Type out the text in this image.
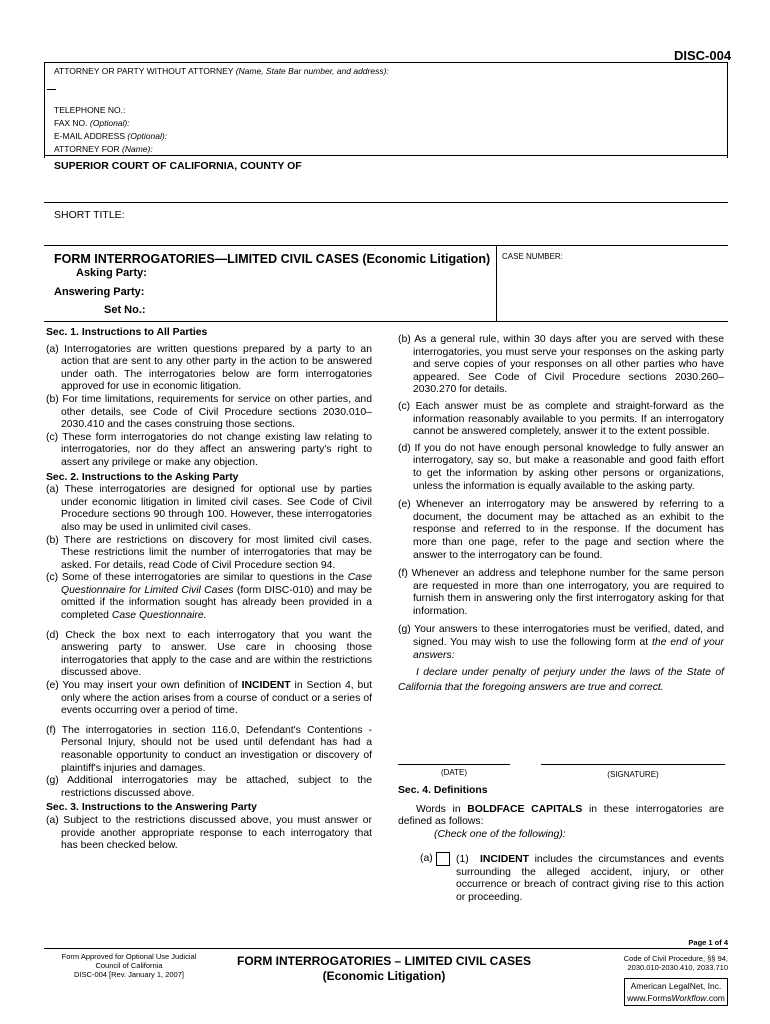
DISC-004
ATTORNEY OR PARTY WITHOUT ATTORNEY (Name, State Bar number, and address):
TELEPHONE NO.:
FAX NO. (Optional):
E-MAIL ADDRESS (Optional):
ATTORNEY FOR (Name):
SUPERIOR COURT OF CALIFORNIA, COUNTY OF
SHORT TITLE:
CASE NUMBER:
FORM INTERROGATORIES—LIMITED CIVIL CASES (Economic Litigation)
Asking Party:
Answering Party:
Set No.:

Sec. 1. Instructions to All Parties

(a) Interrogatories are written questions prepared by a party to an action that are sent to any other party in the action to be answered under oath. The interrogatories below are form interrogatories approved for use in economic litigation.

(b) For time limitations, requirements for service on other parties, and other details, see Code of Civil Procedure sections 2030.010–2030.410 and the cases construing those sections.

(c) These form interrogatories do not change existing law relating to interrogatories, nor do they affect an answering party's right to assert any privilege or make any objection.

Sec. 2. Instructions to the Asking Party

(a) These interrogatories are designed for optional use by parties under economic litigation in limited civil cases. See Code of Civil Procedure sections 90 through 100. However, these interrogatories also may be used in unlimited civil cases.

(b) There are restrictions on discovery for most limited civil cases. These restrictions limit the number of interrogatories that may be asked. For details, read Code of Civil Procedure section 94.

(c) Some of these interrogatories are similar to questions in the Case Questionnaire for Limited Civil Cases (form DISC-010) and may be omitted if the information sought has already been provided in a completed Case Questionnaire.

(d) Check the box next to each interrogatory that you want the answering party to answer. Use care in choosing those interrogatories that apply to the case and are within the restrictions discussed above.

(e) You may insert your own definition of INCIDENT in Section 4, but only where the action arises from a course of conduct or a series of events occurring over a period of time.

(f) The interrogatories in section 116.0, Defendant's Contentions - Personal Injury, should not be used until defendant has had a reasonable opportunity to conduct an investigation or discovery of plaintiff's injuries and damages.

(g) Additional interrogatories may be attached, subject to the restrictions discussed above.

Sec. 3. Instructions to the Answering Party

(a) Subject to the restrictions discussed above, you must answer or provide another appropriate response to each interrogatory that has been checked below.

(b) As a general rule, within 30 days after you are served with these interrogatories, you must serve your responses on the asking party and serve copies of your responses on all other parties who have appeared. See Code of Civil Procedure sections 2030.260–2030.270 for details.

(c) Each answer must be as complete and straight-forward as the information reasonably available to you permits. If an interrogatory cannot be answered completely, answer it to the extent possible.

(d) If you do not have enough personal knowledge to fully answer an interrogatory, say so, but make a reasonable and good faith effort to get the information by asking other persons or organizations, unless the information is equally available to the asking party.

(e) Whenever an interrogatory may be answered by referring to a document, the document may be attached as an exhibit to the response and referred to in the response. If the document has more than one page, refer to the page and section where the answer to the interrogatory can be found.

(f) Whenever an address and telephone number for the same person are requested in more than one interrogatory, you are required to furnish them in answering only the first interrogatory asking for that information.

(g) Your answers to these interrogatories must be verified, dated, and signed. You may wish to use the following form at the end of your answers:

I declare under penalty of perjury under the laws of the State of California that the foregoing answers are true and correct.

(DATE)	(SIGNATURE)

Sec. 4. Definitions

Words in BOLDFACE CAPITALS in these interrogatories are defined as follows:

(Check one of the following):

(a) (1) INCIDENT includes the circumstances and events surrounding the alleged accident, injury, or other occurrence or breach of contract giving rise to this action or proceeding.

Page 1 of 4
Form Approved for Optional Use Judicial
Council of California
DISC-004 [Rev. January 1, 2007]
FORM INTERROGATORIES – LIMITED CIVIL CASES
(Economic Litigation)
Code of Civil Procedure, §§ 94,
2030.010-2030.410, 2033.710
American LegalNet, Inc.
www.FormsWorkflow.com
